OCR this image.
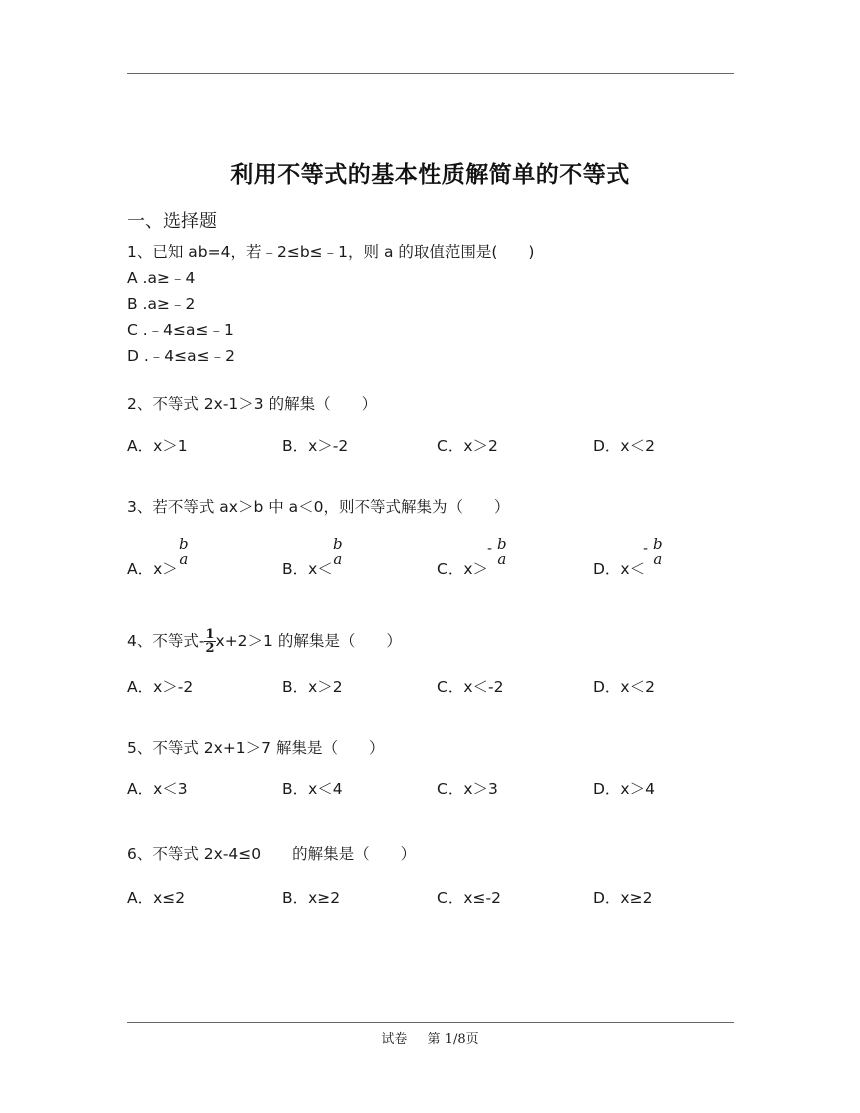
利用不等式的基本性质解简单的不等式
一、选择题
1、已知 ab=4，若﹣2≤b≤﹣1，则 a 的取值范围是(　　)
A .a≥﹣4
B .a≥﹣2
C .﹣4≤a≤﹣1
D .﹣4≤a≤﹣2
2、不等式 2x-1＞3 的解集（　　）
A．x＞1	B．x＞-2	C．x＞2	D．x＜2
3、若不等式 ax＞b 中 a＜0，则不等式解集为（　　）
A．x＞
b
a
B．x＜
b
a
C．x＞
- b
a
D．x＜
- b
a
4、不等式- $\frac{1}{2} x+2>1$ 的解集是（　　）
A．x＞-2	B．x＞2	C．x＜-2	D．x＜2
5、不等式 2x+1＞7 解集是（　　）
A．x＜3	B．x＜4	C．x＞3	D．x＞4
6、不等式 2x-4≤0　　的解集是（　　）
A．x≤2	B．x≥2	C．x≤-2	D．x≥2
试卷 第 1/8页
